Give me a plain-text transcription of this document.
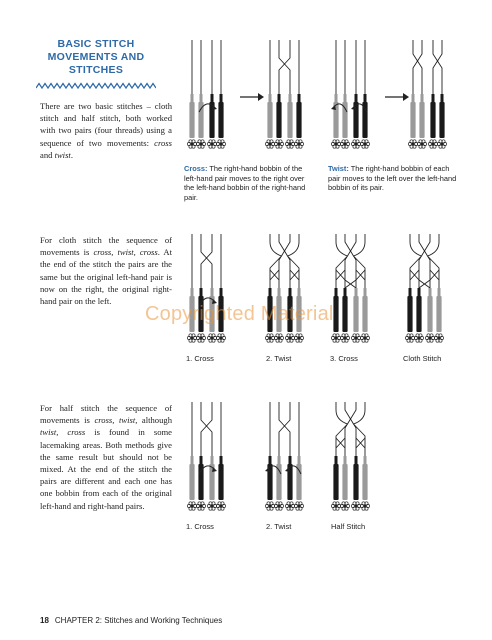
BASIC STITCH MOVEMENTS AND STITCHES

There are two basic stitches – cloth stitch and half stitch, both worked with two pairs (four threads) using a sequence of two movements: cross and twist.

Cross: The right-hand bobbin of the left-hand pair moves to the right over the left-hand bobbin of the right-hand pair.
Twist: The right-hand bobbin of each pair moves to the left over the left-hand bobbin of its pair.

For cloth stitch the sequence of movements is cross, twist, cross. At the end of the stitch the pairs are the same but the original left-hand pair is now on the right, the original right-hand pair on the left.

1. Cross	2. Twist	3. Cross	Cloth Stitch

For half stitch the sequence of movements is cross, twist, although twist, cross is found in some lacemaking areas. Both methods give the same result but should not be mixed. At the end of the stitch the pairs are different and each one has one bobbin from each of the original left-hand and right-hand pairs.

1. Cross	2. Twist	Half Stitch
Copyrighted Material
18 CHAPTER 2: Stitches and Working Techniques
